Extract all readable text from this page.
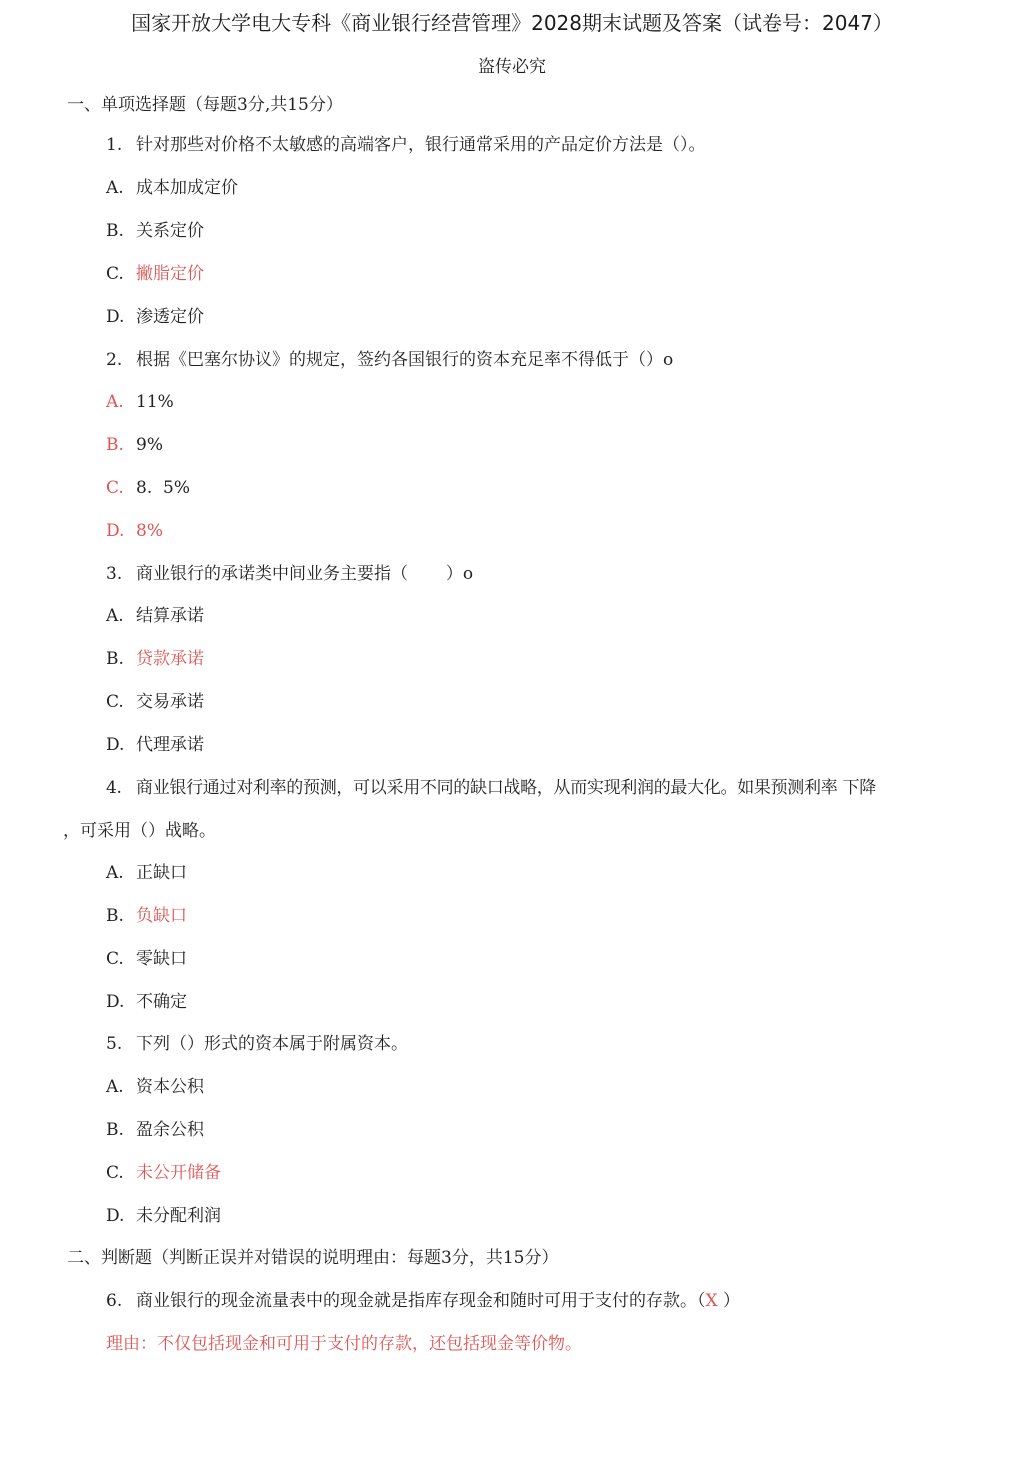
国家开放大学电大专科《商业银行经营管理》2028期末试题及答案（试卷号：2047）
盗传必究
一、单项选择题（每题3分,共15分）
1. 针对那些对价格不太敏感的高端客户，银行通常采用的产品定价方法是（）。
A. 成本加成定价
B. 关系定价
C. 撇脂定价
D. 渗透定价
2. 根据《巴塞尔协议》的规定，签约各国银行的资本充足率不得低于（）o
A. 11%
B. 9%
C. 8.  5%
D. 8%
3. 商业银行的承诺类中间业务主要指（       ）o
A. 结算承诺
B. 贷款承诺
C. 交易承诺
D. 代理承诺
4. 商业银行通过对利率的预测，可以采用不同的缺口战略，从而实现利润的最大化。如果预测利率 下降
，可采用（）战略。
A. 正缺口
B. 负缺口
C. 零缺口
D. 不确定
5. 下列（）形式的资本属于附属资本。
A. 资本公积
B. 盈余公积
C. 未公开储备
D. 未分配利润
二、判断题（判断正误并对错误的说明理由：每题3分，共15分）
6. 商业银行的现金流量表中的现金就是指库存现金和随时可用于支付的存款。（X ）
理由：不仅包括现金和可用于支付的存款，还包括现金等价物。
